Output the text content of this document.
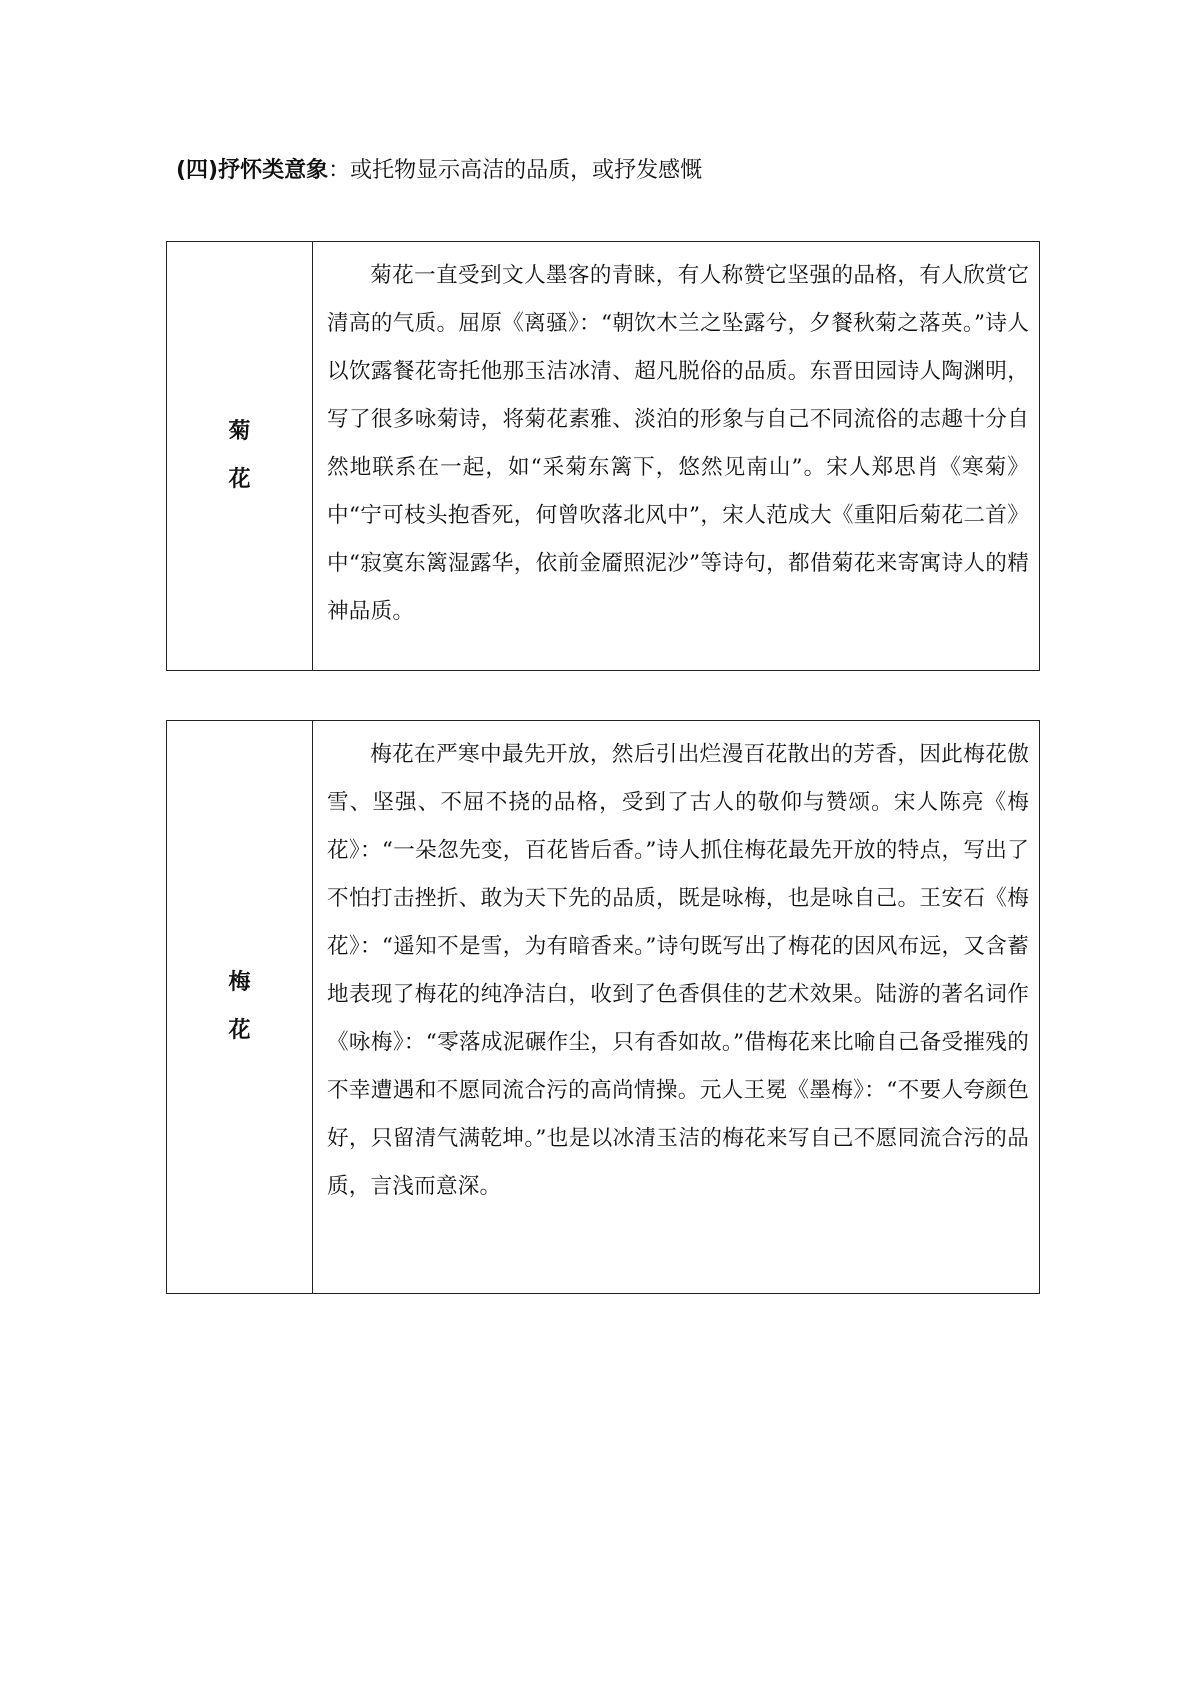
(四)抒怀类意象：或托物显示高洁的品质，或抒发感慨
菊
花

菊花一直受到文人墨客的青睐，有人称赞它坚强的品格，有人欣赏它清高的气质。屈原《离骚》：“朝饮木兰之坠露兮，夕餐秋菊之落英。”诗人以饮露餐花寄托他那玉洁冰清、超凡脱俗的品质。东晋田园诗人陶渊明，写了很多咏菊诗，将菊花素雅、淡泊的形象与自己不同流俗的志趣十分自然地联系在一起，如“采菊东篱下，悠然见南山”。宋人郑思肖《寒菊》中“宁可枝头抱香死，何曾吹落北风中”，宋人范成大《重阳后菊花二首》中“寂寞东篱湿露华，依前金靥照泥沙”等诗句，都借菊花来寄寓诗人的精神品质。

梅
花

梅花在严寒中最先开放，然后引出烂漫百花散出的芳香，因此梅花傲雪、坚强、不屈不挠的品格，受到了古人的敬仰与赞颂。宋人陈亮《梅花》：“一朵忽先变，百花皆后香。”诗人抓住梅花最先开放的特点，写出了不怕打击挫折、敢为天下先的品质，既是咏梅，也是咏自己。王安石《梅花》：“遥知不是雪，为有暗香来。”诗句既写出了梅花的因风布远，又含蓄地表现了梅花的纯净洁白，收到了色香俱佳的艺术效果。陆游的著名词作《咏梅》：“零落成泥碾作尘，只有香如故。”借梅花来比喻自己备受摧残的不幸遭遇和不愿同流合污的高尚情操。元人王冕《墨梅》：“不要人夸颜色好，只留清气满乾坤。”也是以冰清玉洁的梅花来写自己不愿同流合污的品质，言浅而意深。
